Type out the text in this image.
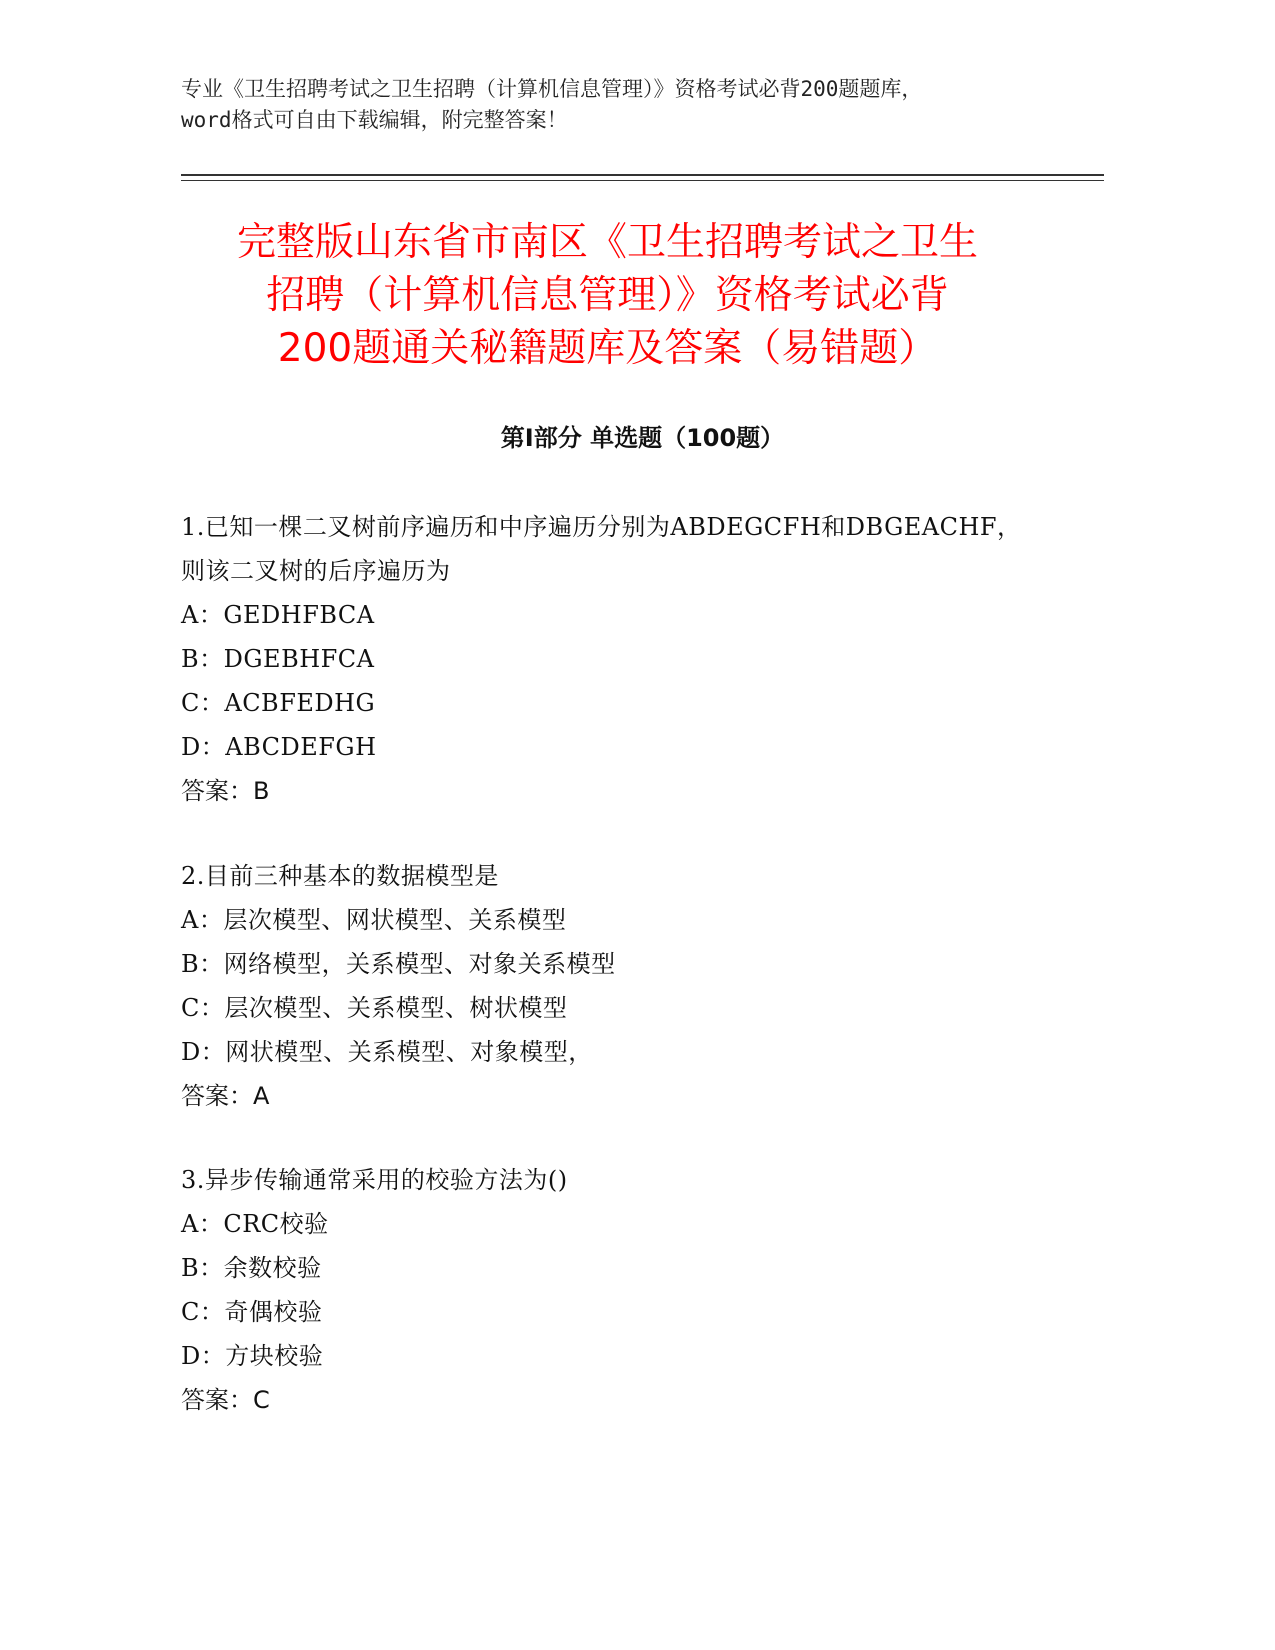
专业《卫生招聘考试之卫生招聘（计算机信息管理）》资格考试必背200题题库，
word格式可自由下载编辑，附完整答案！
完整版山东省市南区《卫生招聘考试之卫生
招聘（计算机信息管理）》资格考试必背
200题通关秘籍题库及答案（易错题）
第Ⅰ部分 单选题（100题）

1.已知一棵二叉树前序遍历和中序遍历分别为ABDEGCFH和DBGEACHF，

则该二叉树的后序遍历为

A：GEDHFBCA

B：DGEBHFCA

C：ACBFEDHG

D：ABCDEFGH

答案：B

2.目前三种基本的数据模型是

A：层次模型、网状模型、关系模型

B：网络模型，关系模型、对象关系模型

C：层次模型、关系模型、树状模型

D：网状模型、关系模型、对象模型，

答案：A

3.异步传输通常采用的校验方法为()

A：CRC校验

B：余数校验

C：奇偶校验

D：方块校验

答案：C
